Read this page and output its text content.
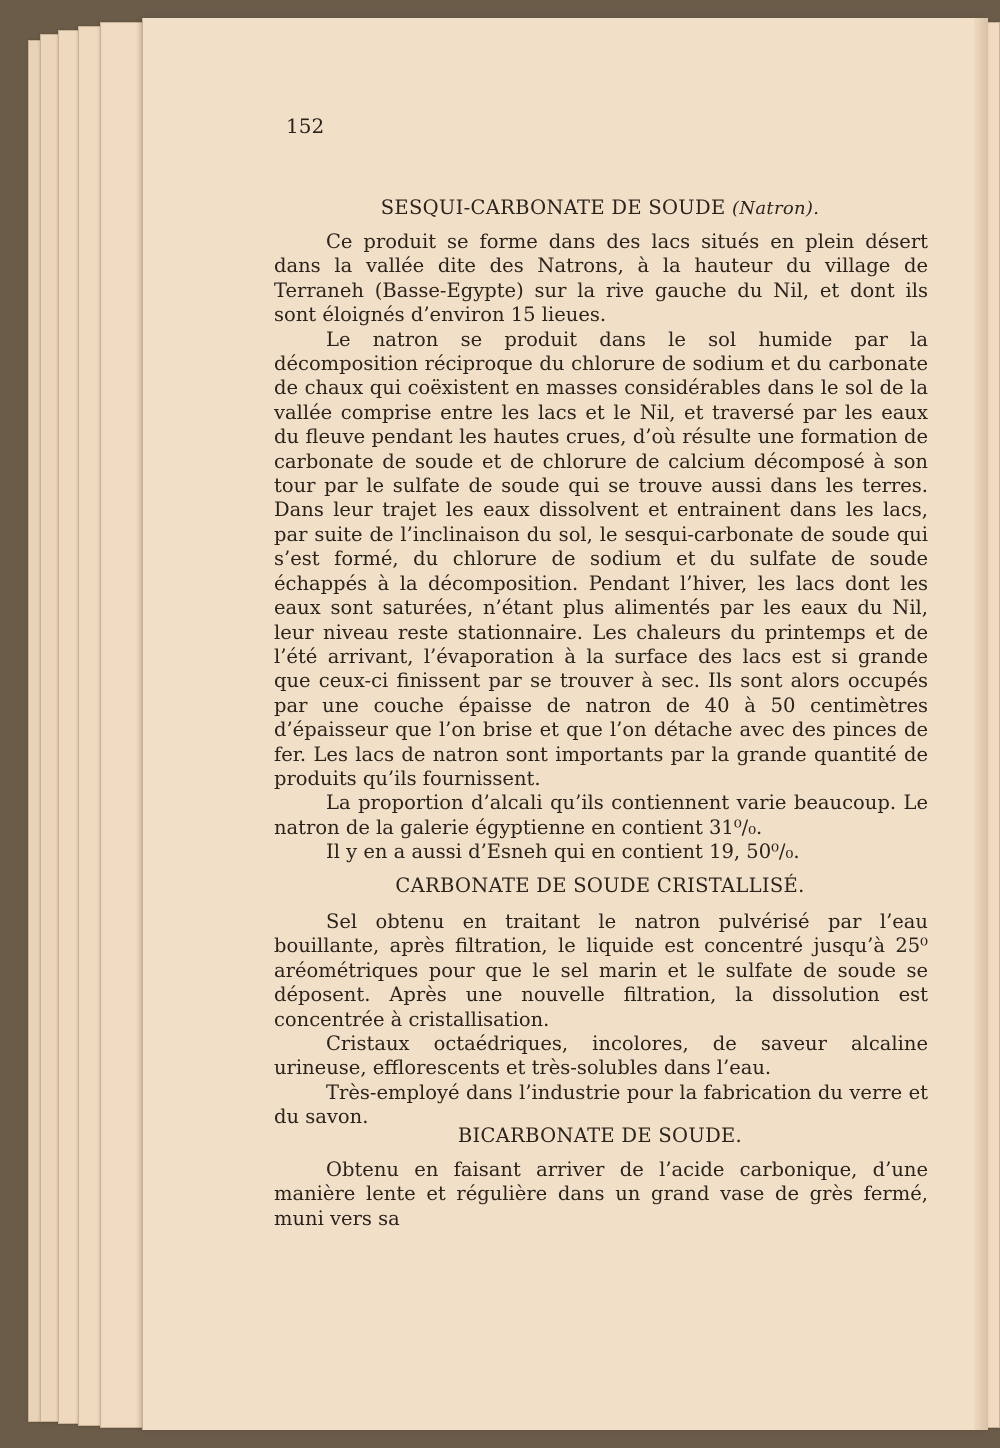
152
SESQUI-CARBONATE DE SOUDE (Natron).

Ce produit se forme dans des lacs situés en plein désert dans la vallée dite des Natrons, à la hauteur du village de Terraneh (Basse-Egypte) sur la rive gauche du Nil, et dont ils sont éloignés d’environ 15 lieues.

Le natron se produit dans le sol humide par la décomposition réciproque du chlorure de sodium et du carbonate de chaux qui coëxistent en masses considérables dans le sol de la vallée comprise entre les lacs et le Nil, et traversé par les eaux du fleuve pendant les hautes crues, d’où résulte une formation de carbonate de soude et de chlorure de calcium décomposé à son tour par le sulfate de soude qui se trouve aussi dans les terres. Dans leur trajet les eaux dissolvent et entrainent dans les lacs, par suite de l’inclinaison du sol, le sesqui-carbonate de soude qui s’est formé, du chlorure de sodium et du sulfate de soude échappés à la décomposition. Pendant l’hiver, les lacs dont les eaux sont saturées, n’étant plus alimentés par les eaux du Nil, leur niveau reste stationnaire. Les chaleurs du printemps et de l’été arrivant, l’évaporation à la surface des lacs est si grande que ceux-ci finissent par se trouver à sec. Ils sont alors occupés par une couche épaisse de natron de 40 à 50 centimètres d’épaisseur que l’on brise et que l’on détache avec des pinces de fer. Les lacs de natron sont importants par la grande quantité de produits qu’ils fournissent.

La proportion d’alcali qu’ils contiennent varie beaucoup. Le natron de la galerie égyptienne en contient 31⁰/₀.

Il y en a aussi d’Esneh qui en contient 19, 50⁰/₀.

CARBONATE DE SOUDE CRISTALLISÉ.

Sel obtenu en traitant le natron pulvérisé par l’eau bouillante, après filtration, le liquide est concentré jusqu’à 25⁰ aréométriques pour que le sel marin et le sulfate de soude se déposent. Après une nouvelle filtration, la dissolution est concentrée à cristallisation.

Cristaux octaédriques, incolores, de saveur alcaline urineuse, efflorescents et très-solubles dans l’eau.

Très-employé dans l’industrie pour la fabrication du verre et du savon.

BICARBONATE DE SOUDE.

Obtenu en faisant arriver de l’acide carbonique, d’une manière lente et régulière dans un grand vase de grès fermé, muni vers sa
